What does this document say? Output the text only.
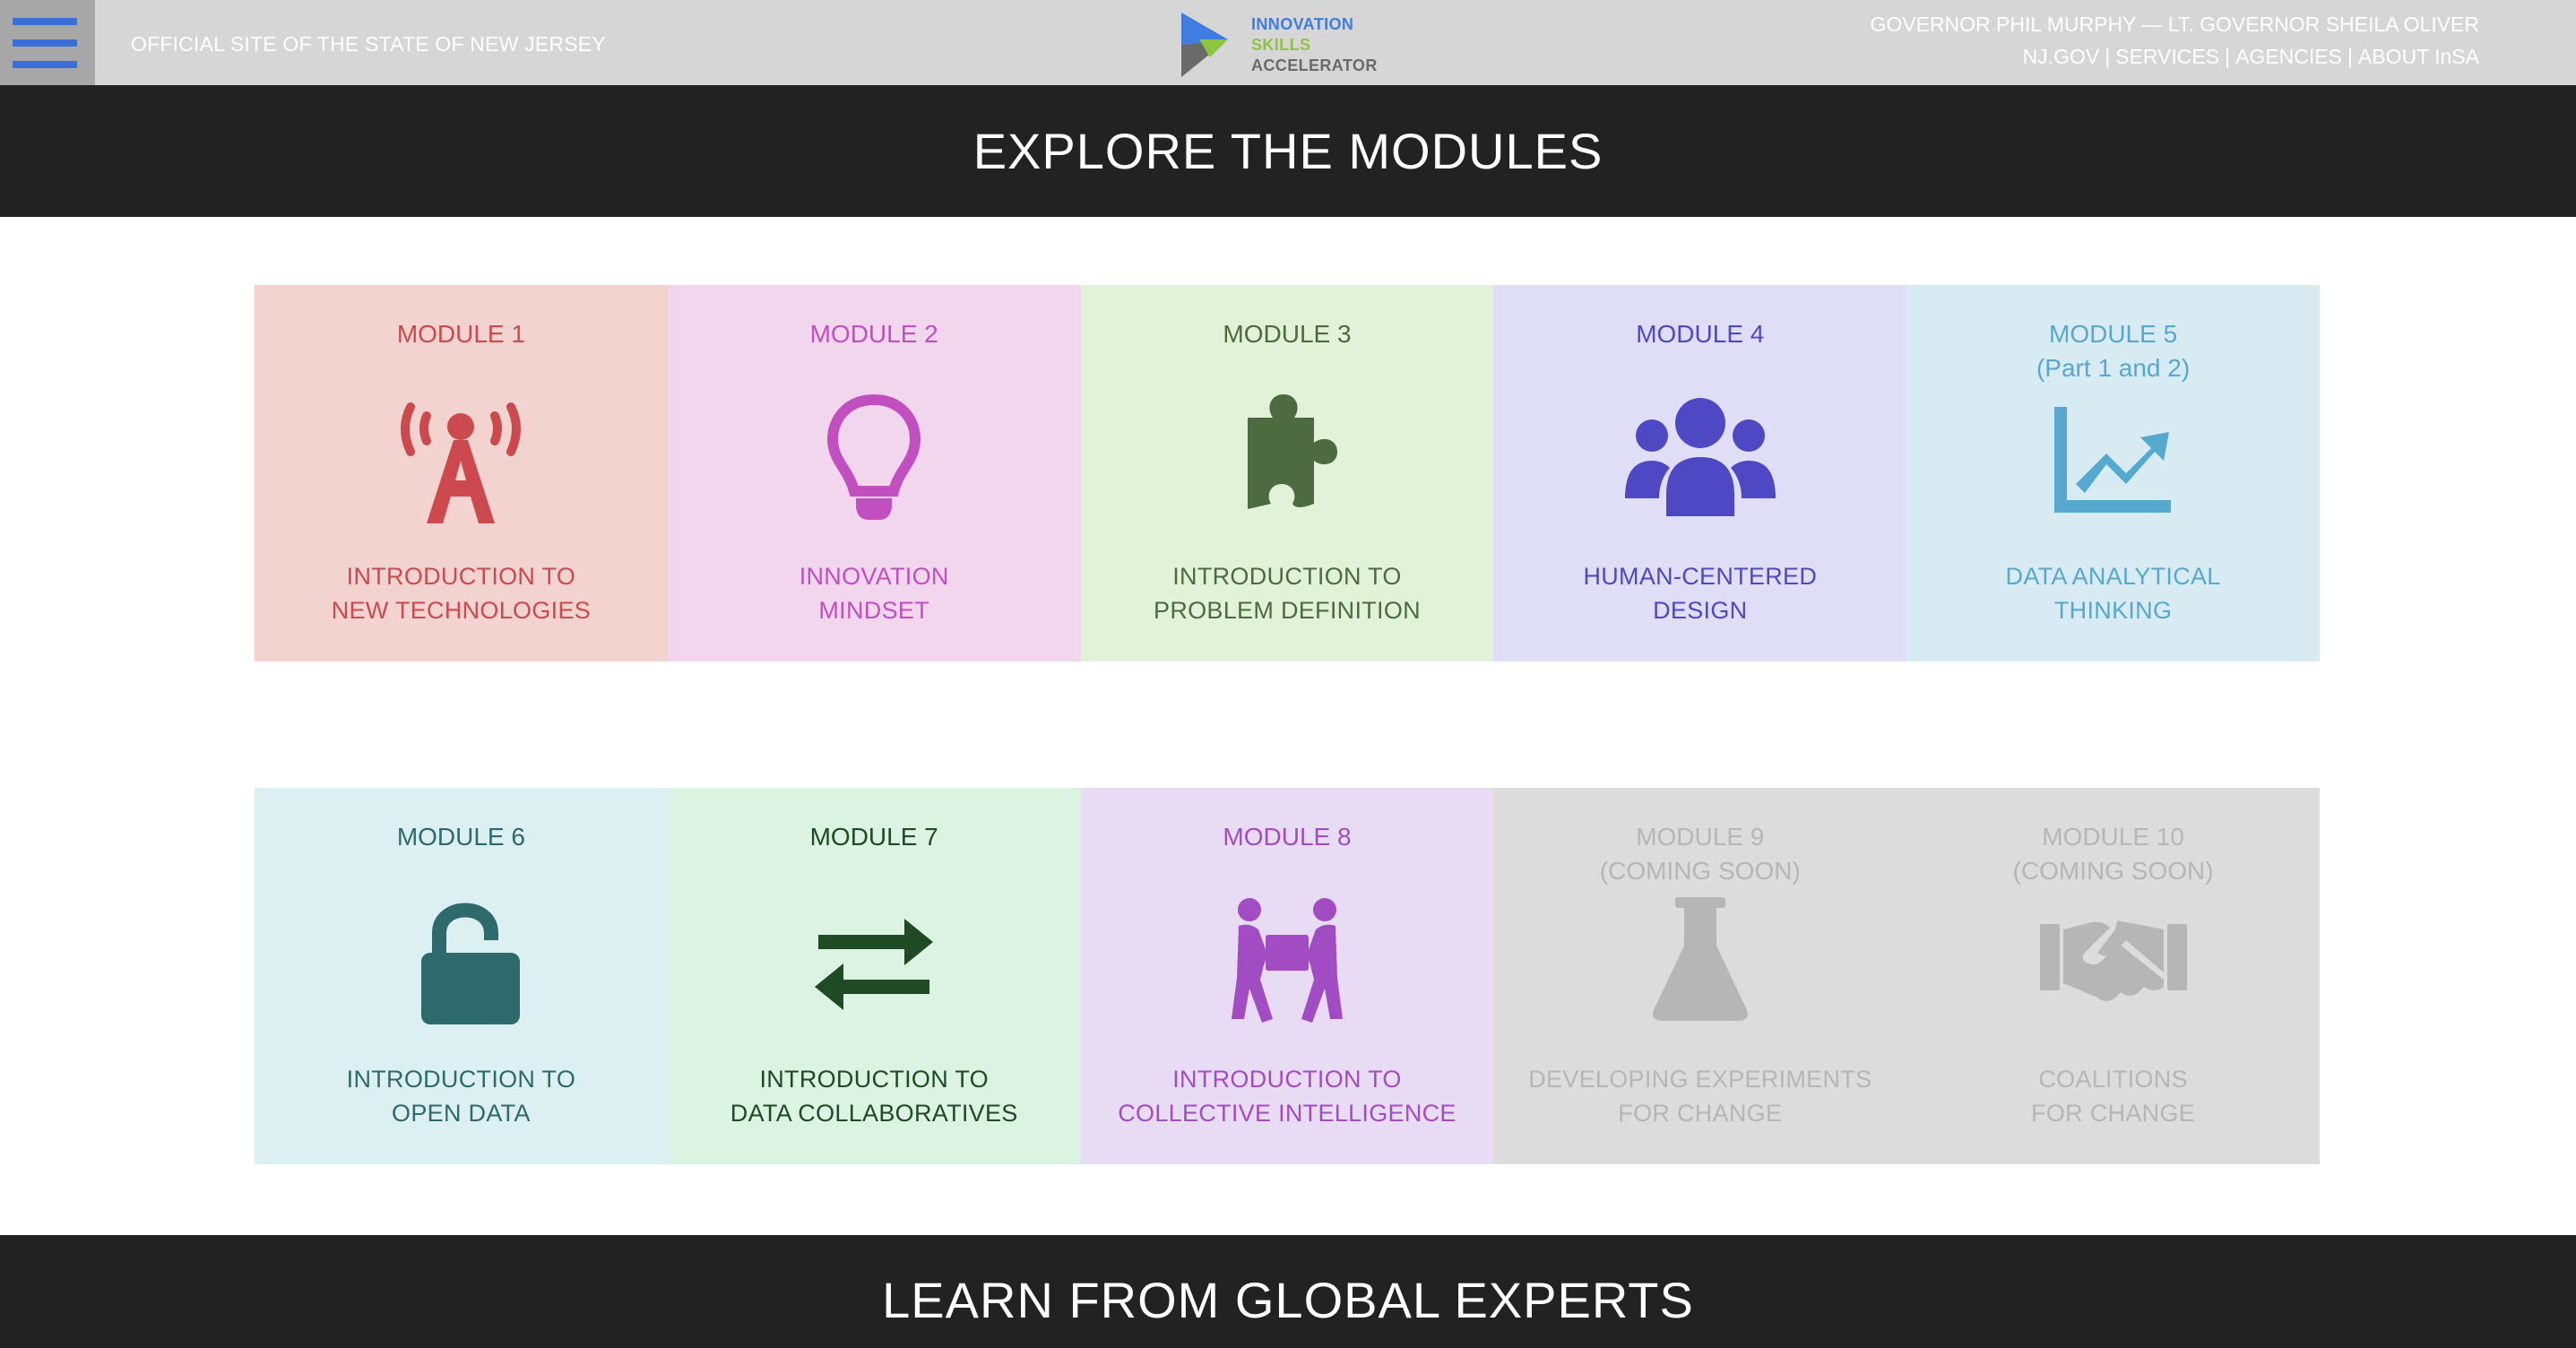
OFFICIAL SITE OF THE STATE OF NEW JERSEY
INNOVATION
SKILLS
ACCELERATOR
GOVERNOR PHIL MURPHY — LT. GOVERNOR SHEILA OLIVER
NJ.GOV | SERVICES | AGENCIES | ABOUT InSA
EXPLORE THE MODULES
MODULE 1
INTRODUCTION TO
NEW TECHNOLOGIES
MODULE 2
INNOVATION
MINDSET
MODULE 3
INTRODUCTION TO
PROBLEM DEFINITION
MODULE 4
HUMAN-CENTERED
DESIGN
MODULE 5
(Part 1 and 2)
DATA ANALYTICAL
THINKING
MODULE 6
INTRODUCTION TO
OPEN DATA
MODULE 7
INTRODUCTION TO
DATA COLLABORATIVES
MODULE 8
INTRODUCTION TO
COLLECTIVE INTELLIGENCE
MODULE 9
(COMING SOON)
DEVELOPING EXPERIMENTS
FOR CHANGE
MODULE 10
(COMING SOON)
COALITIONS
FOR CHANGE
LEARN FROM GLOBAL EXPERTS
